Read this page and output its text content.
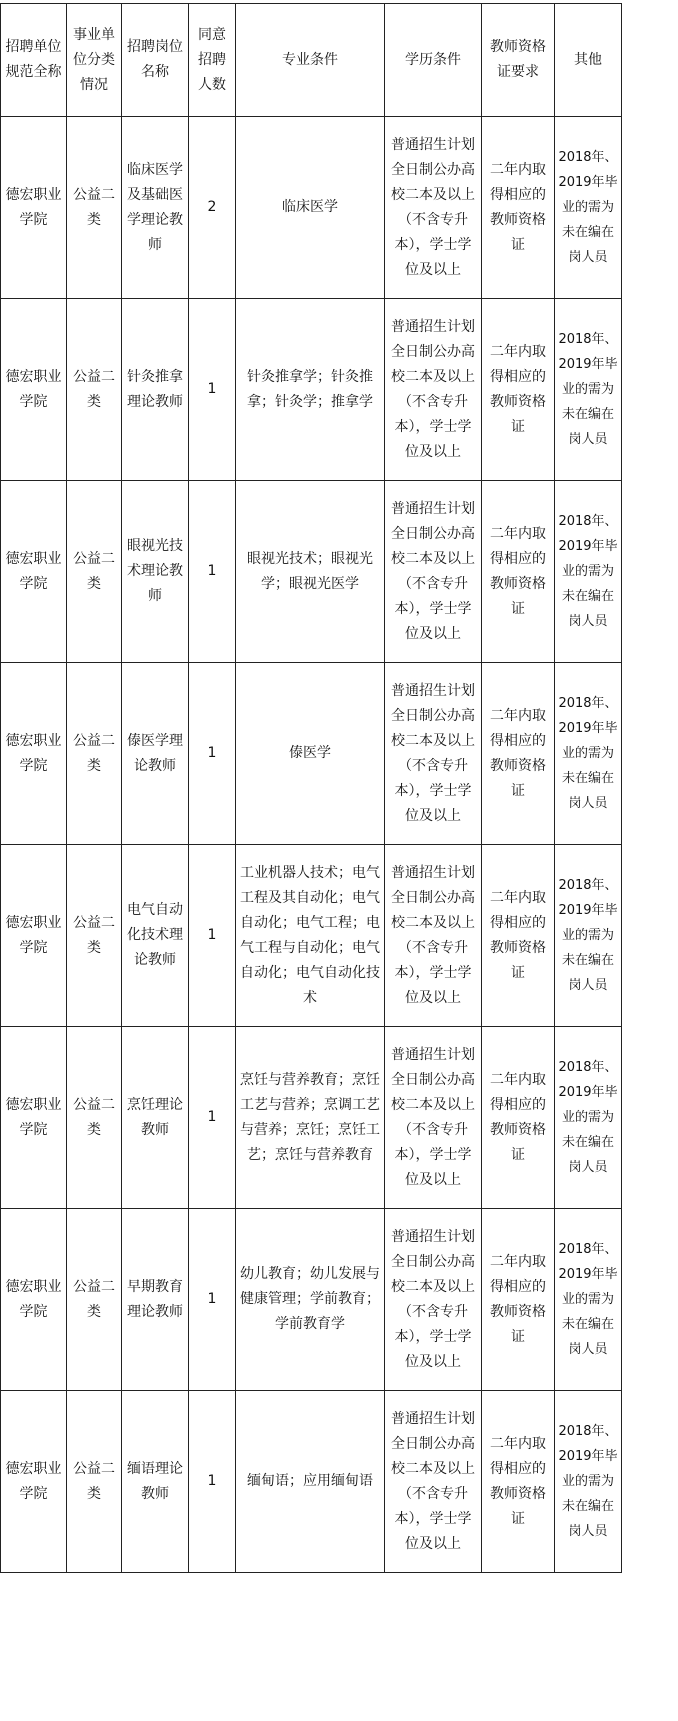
招聘单位规范全称	事业单位分类情况	招聘岗位名称	同意招聘人数	专业条件	学历条件	教师资格证要求	其他
德宏职业学院	公益二类	临床医学及基础医学理论教师	2	临床医学	普通招生计划全日制公办高校二本及以上（不含专升本），学士学位及以上	二年内取得相应的教师资格证	2018年、2019年毕业的需为未在编在岗人员
德宏职业学院	公益二类	针灸推拿理论教师	1	针灸推拿学；针灸推拿；针灸学；推拿学	普通招生计划全日制公办高校二本及以上（不含专升本），学士学位及以上	二年内取得相应的教师资格证	2018年、2019年毕业的需为未在编在岗人员
德宏职业学院	公益二类	眼视光技术理论教师	1	眼视光技术；眼视光学；眼视光医学	普通招生计划全日制公办高校二本及以上（不含专升本），学士学位及以上	二年内取得相应的教师资格证	2018年、2019年毕业的需为未在编在岗人员
德宏职业学院	公益二类	傣医学理论教师	1	傣医学	普通招生计划全日制公办高校二本及以上（不含专升本），学士学位及以上	二年内取得相应的教师资格证	2018年、2019年毕业的需为未在编在岗人员
德宏职业学院	公益二类	电气自动化技术理论教师	1	工业机器人技术；电气工程及其自动化；电气自动化；电气工程；电气工程与自动化；电气自动化；电气自动化技术	普通招生计划全日制公办高校二本及以上（不含专升本），学士学位及以上	二年内取得相应的教师资格证	2018年、2019年毕业的需为未在编在岗人员
德宏职业学院	公益二类	烹饪理论教师	1	烹饪与营养教育；烹饪工艺与营养；烹调工艺与营养；烹饪；烹饪工艺；烹饪与营养教育	普通招生计划全日制公办高校二本及以上（不含专升本），学士学位及以上	二年内取得相应的教师资格证	2018年、2019年毕业的需为未在编在岗人员
德宏职业学院	公益二类	早期教育理论教师	1	幼儿教育；幼儿发展与健康管理；学前教育；学前教育学	普通招生计划全日制公办高校二本及以上（不含专升本），学士学位及以上	二年内取得相应的教师资格证	2018年、2019年毕业的需为未在编在岗人员
德宏职业学院	公益二类	缅语理论教师	1	缅甸语；应用缅甸语	普通招生计划全日制公办高校二本及以上（不含专升本），学士学位及以上	二年内取得相应的教师资格证	2018年、2019年毕业的需为未在编在岗人员
